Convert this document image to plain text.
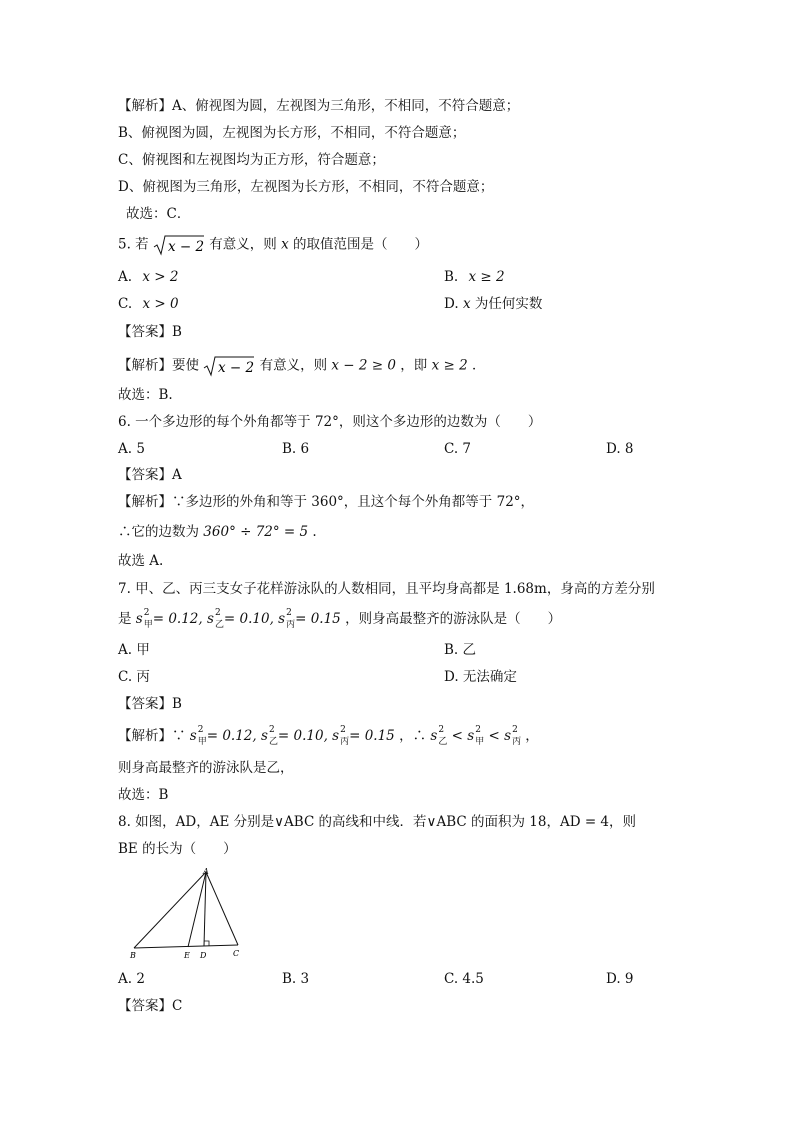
【解析】A、俯视图为圆，左视图为三角形，不相同，不符合题意；
B、俯视图为圆，左视图为长方形，不相同，不符合题意；
C、俯视图和左视图均为正方形，符合题意；
D、俯视图为三角形，左视图为长方形，不相同，不符合题意；
故选：C．
5. 若 x − 2 有意义，则 x 的取值范围是（　　）
A. x > 2	B. x ≥ 2
C. x > 0	D. x 为任何实数
【答案】B
【解析】要使 x − 2 有意义，则 x − 2 ≥ 0 ，即 x ≥ 2 ．
故选：B.
6. 一个多边形的每个外角都等于 72°，则这个多边形的边数为（　　）
A. 5	B. 6	C. 7	D. 8
【答案】A
【解析】∵多边形的外角和等于 360°，且这个每个外角都等于 72°，
∴它的边数为 360° ÷ 72° = 5 .
故选 A.
7. 甲、乙、丙三支女子花样游泳队的人数相同，且平均身高都是 1.68m，身高的方差分别
是 s 2
甲 = 0.12, s 2
乙 = 0.10, s 2
丙 = 0.15 ，则身高最整齐的游泳队是（　　）
A. 甲	B. 乙
C. 丙	D. 无法确定
【答案】B
【解析】∵ s 2
甲 = 0.12, s 2
乙 = 0.10, s 2
丙 = 0.15 ，∴ s 2
乙 < s 2
甲 < s 2
丙 ，
则身高最整齐的游泳队是乙，
故选：B
8. 如图，AD，AE 分别是∨ABC 的高线和中线．若∨ABC 的面积为 18，AD = 4，则
BE 的长为（　　）
A
B	E D	C
A. 2	B. 3	C. 4.5	D. 9
【答案】C
